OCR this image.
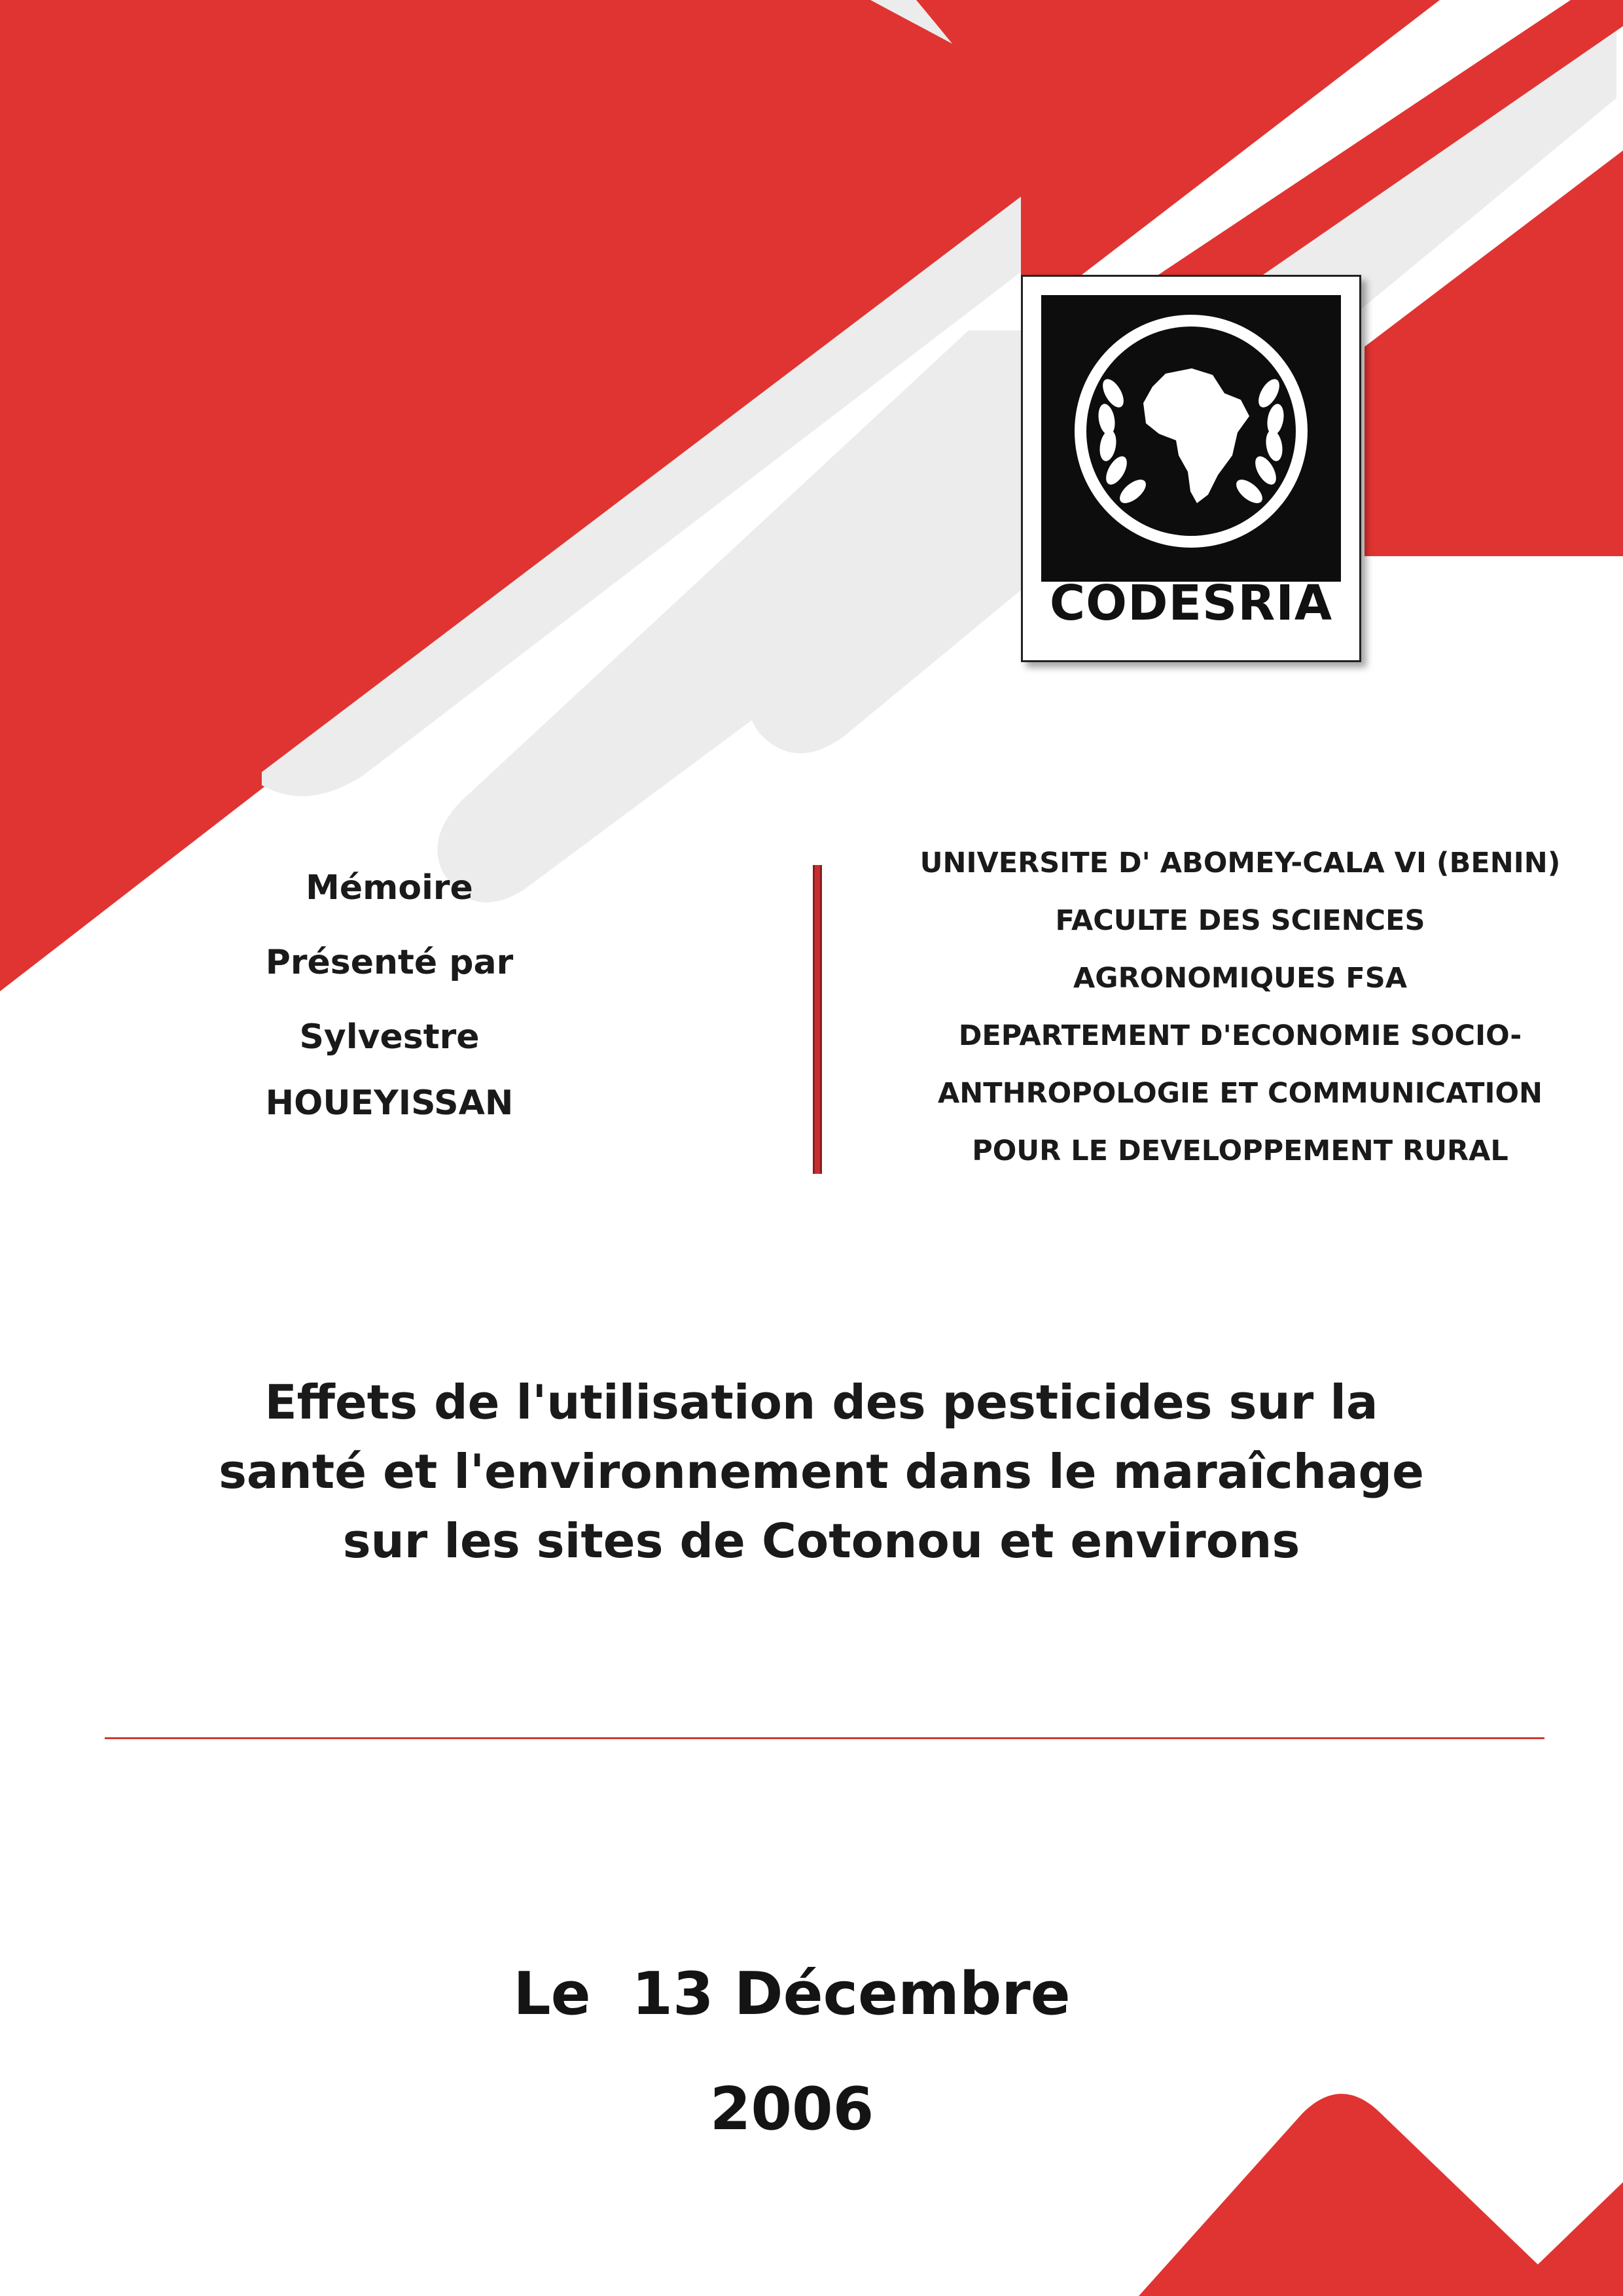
CODESRIA
Mémoire
Présenté par
Sylvestre
HOUEYISSAN
UNIVERSITE D' ABOMEY-CALA VI (BENIN)
FACULTE DES SCIENCES
AGRONOMIQUES FSA
DEPARTEMENT D'ECONOMIE SOCIO-
ANTHROPOLOGIE ET COMMUNICATION
POUR LE DEVELOPPEMENT RURAL
Effets de l'utilisation des pesticides sur la
santé et l'environnement dans le maraîchage
sur les sites de Cotonou et environs
Le  13 Décembre
2006
